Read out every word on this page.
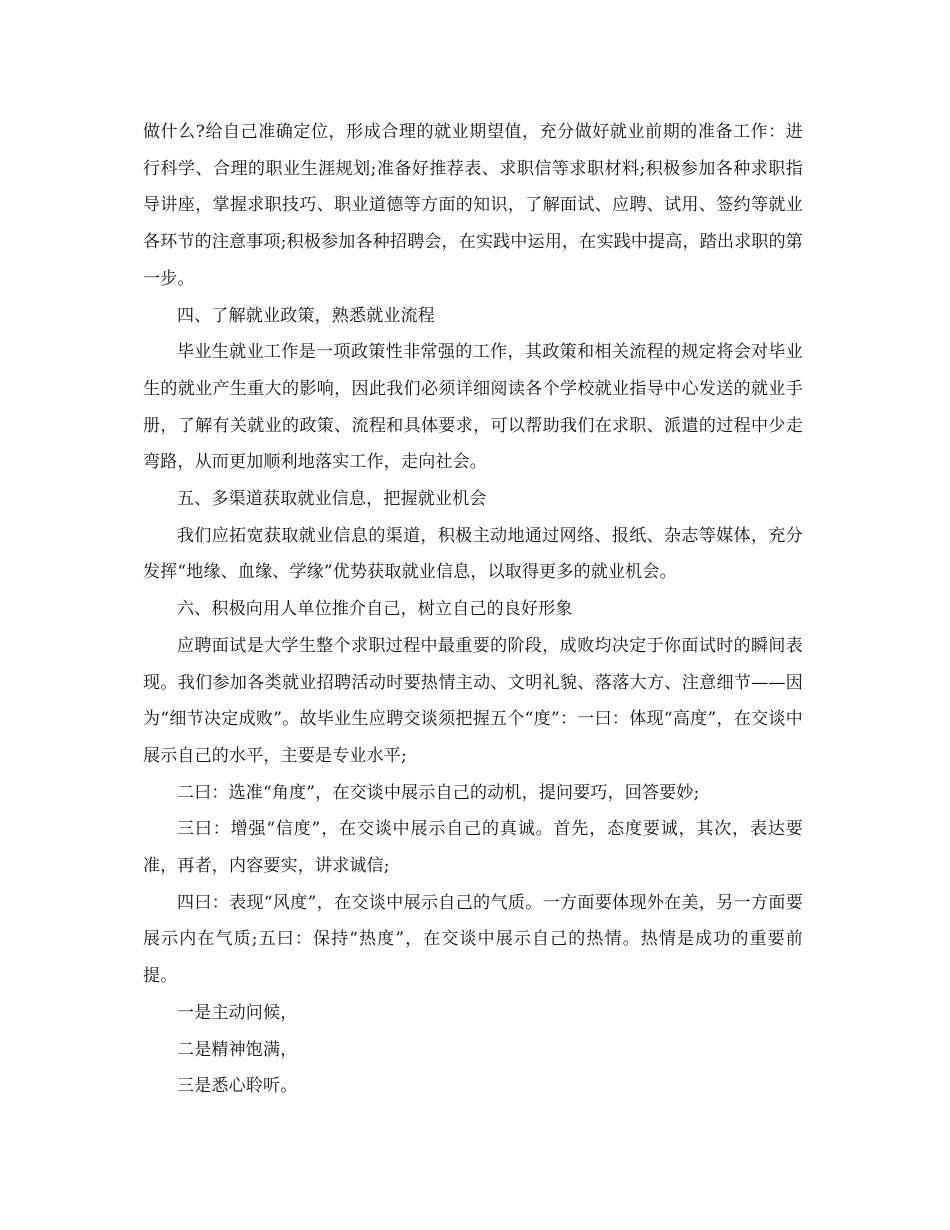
做什么?给自己准确定位，形成合理的就业期望值，充分做好就业前期的准备工作：进行科学、合理的职业生涯规划;准备好推荐表、求职信等求职材料;积极参加各种求职指导讲座，掌握求职技巧、职业道德等方面的知识，了解面试、应聘、试用、签约等就业各环节的注意事项;积极参加各种招聘会，在实践中运用，在实践中提高，踏出求职的第一步。

四、了解就业政策，熟悉就业流程

毕业生就业工作是一项政策性非常强的工作，其政策和相关流程的规定将会对毕业生的就业产生重大的影响，因此我们必须详细阅读各个学校就业指导中心发送的就业手册，了解有关就业的政策、流程和具体要求，可以帮助我们在求职、派遣的过程中少走弯路，从而更加顺利地落实工作，走向社会。

五、多渠道获取就业信息，把握就业机会

我们应拓宽获取就业信息的渠道，积极主动地通过网络、报纸、杂志等媒体，充分发挥“地缘、血缘、学缘”优势获取就业信息，以取得更多的就业机会。

六、积极向用人单位推介自己，树立自己的良好形象

应聘面试是大学生整个求职过程中最重要的阶段，成败均决定于你面试时的瞬间表现。我们参加各类就业招聘活动时要热情主动、文明礼貌、落落大方、注意细节——因为“细节决定成败”。故毕业生应聘交谈须把握五个“度”：一曰：体现“高度”，在交谈中展示自己的水平，主要是专业水平;

二曰：选准“角度”，在交谈中展示自己的动机，提问要巧，回答要妙;

三曰：增强“信度”，在交谈中展示自己的真诚。首先，态度要诚，其次，表达要准，再者，内容要实，讲求诚信;

四曰：表现“风度”，在交谈中展示自己的气质。一方面要体现外在美，另一方面要展示内在气质;五曰：保持“热度”，在交谈中展示自己的热情。热情是成功的重要前提。

一是主动问候，

二是精神饱满，

三是悉心聆听。
